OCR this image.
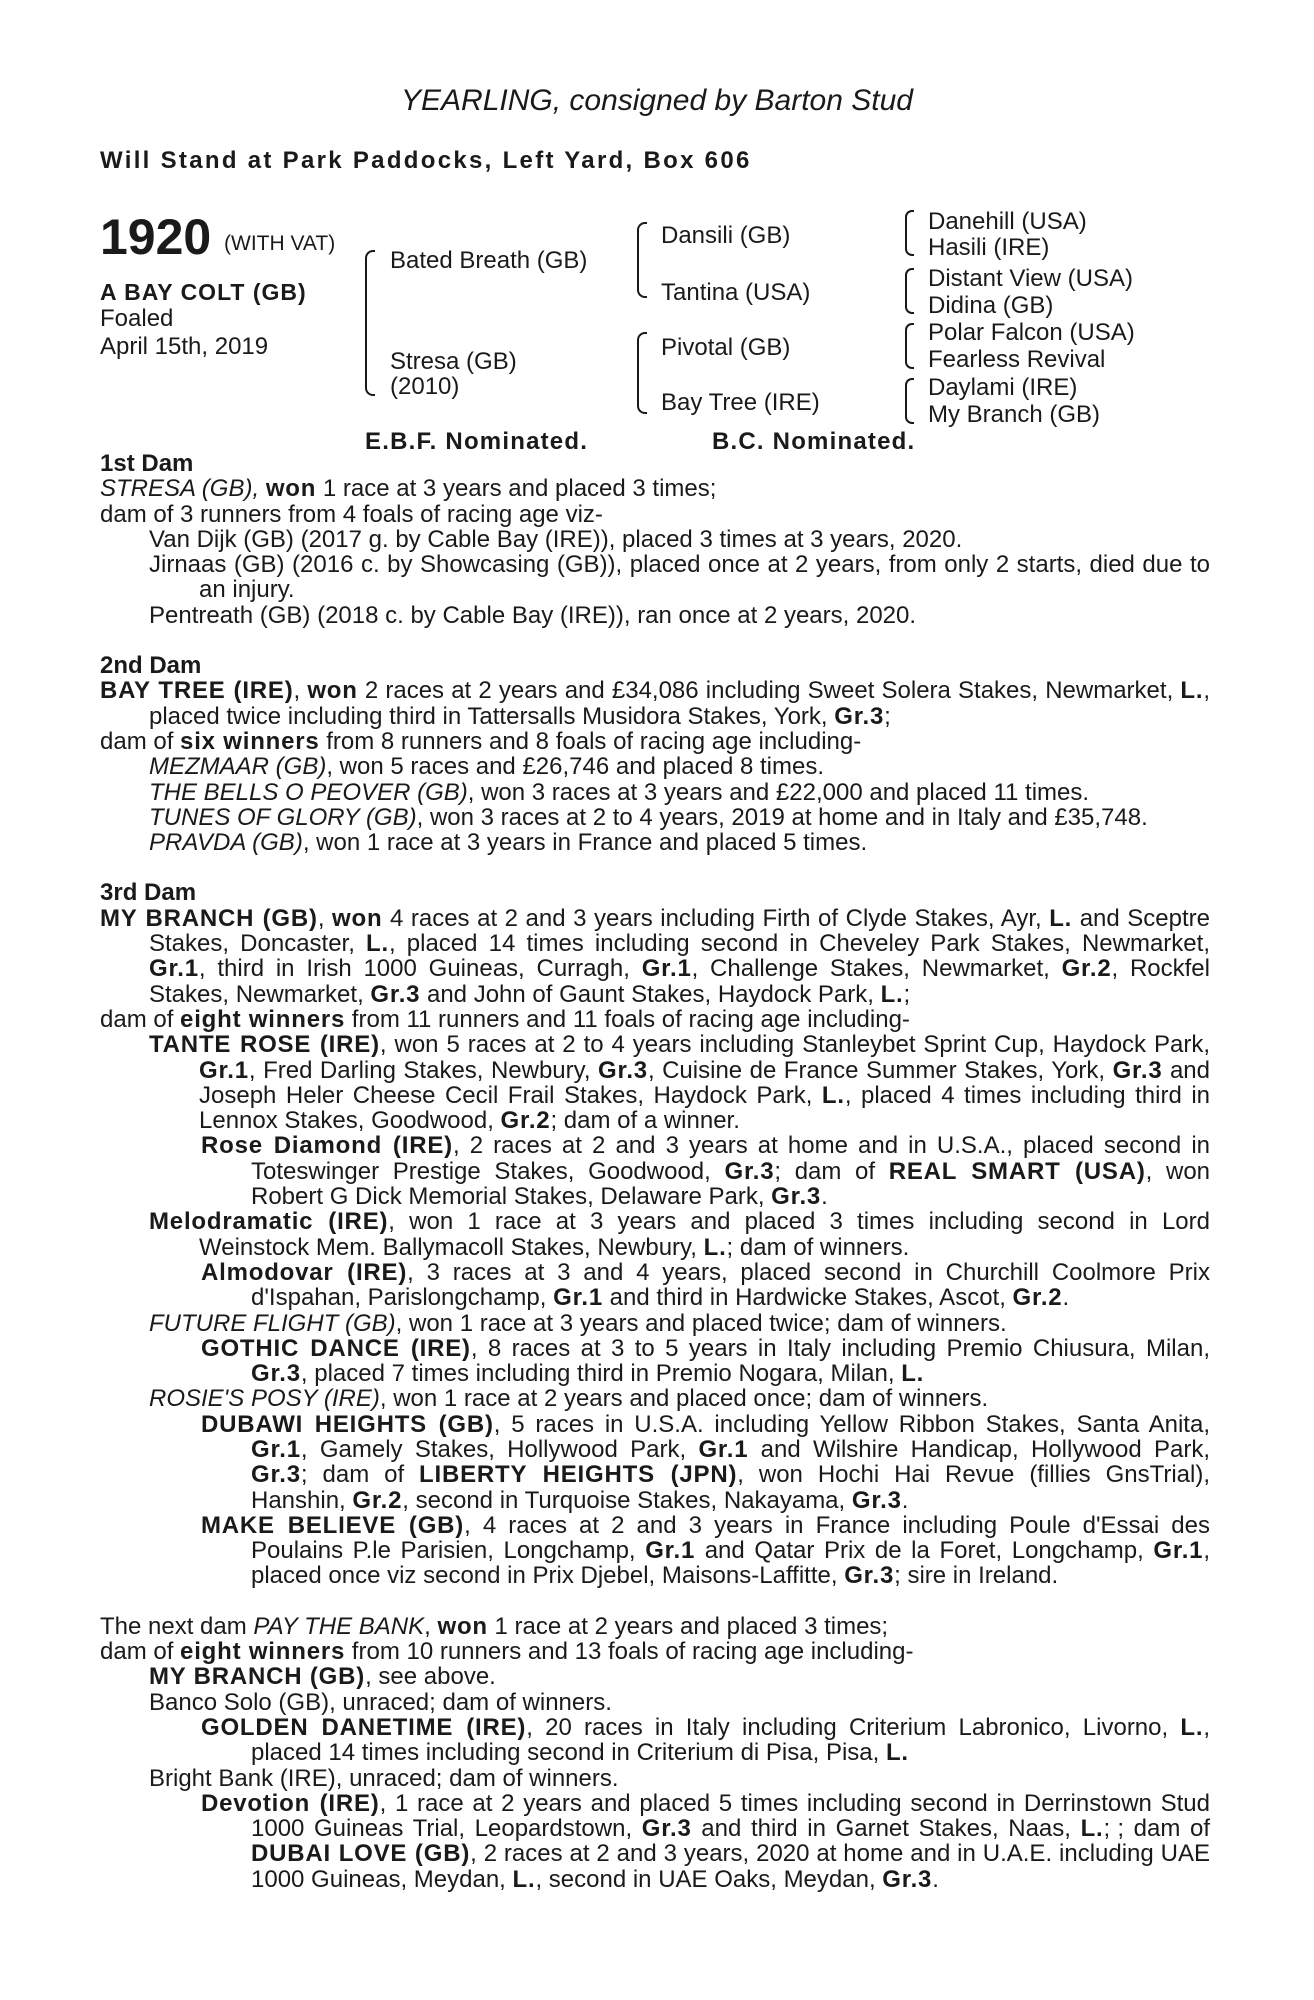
YEARLING, consigned by Barton Stud
Will Stand at Park Paddocks, Left Yard, Box 606
1920 (WITH VAT)
A BAY COLT (GB)
Foaled
April 15th, 2019
Bated Breath (GB)
Stresa (GB)
(2010)
Dansili (GB)
Tantina (USA)
Pivotal (GB)
Bay Tree (IRE)
Danehill (USA)
Hasili (IRE)
Distant View (USA)
Didina (GB)
Polar Falcon (USA)
Fearless Revival
Daylami (IRE)
My Branch (GB)
E.B.F. Nominated.	B.C. Nominated.

1st Dam

STRESA (GB), won 1 race at 3 years and placed 3 times;

dam of 3 runners from 4 foals of racing age viz-

Van Dijk (GB) (2017 g. by Cable Bay (IRE)), placed 3 times at 3 years, 2020.

Jirnaas (GB) (2016 c. by Showcasing (GB)), placed once at 2 years, from only 2 starts, died due to an injury.

Pentreath (GB) (2018 c. by Cable Bay (IRE)), ran once at 2 years, 2020.

2nd Dam

BAY TREE (IRE), won 2 races at 2 years and £34,086 including Sweet Solera Stakes, Newmarket, L., placed twice including third in Tattersalls Musidora Stakes, York, Gr.3;

dam of six winners from 8 runners and 8 foals of racing age including-

MEZMAAR (GB), won 5 races and £26,746 and placed 8 times.

THE BELLS O PEOVER (GB), won 3 races at 3 years and £22,000 and placed 11 times.

TUNES OF GLORY (GB), won 3 races at 2 to 4 years, 2019 at home and in Italy and £35,748.

PRAVDA (GB), won 1 race at 3 years in France and placed 5 times.

3rd Dam

MY BRANCH (GB), won 4 races at 2 and 3 years including Firth of Clyde Stakes, Ayr, L. and Sceptre Stakes, Doncaster, L., placed 14 times including second in Cheveley Park Stakes, Newmarket, Gr.1, third in Irish 1000 Guineas, Curragh, Gr.1, Challenge Stakes, Newmarket, Gr.2, Rockfel Stakes, Newmarket, Gr.3 and John of Gaunt Stakes, Haydock Park, L.;

dam of eight winners from 11 runners and 11 foals of racing age including-

TANTE ROSE (IRE), won 5 races at 2 to 4 years including Stanleybet Sprint Cup, Haydock Park, Gr.1, Fred Darling Stakes, Newbury, Gr.3, Cuisine de France Summer Stakes, York, Gr.3 and Joseph Heler Cheese Cecil Frail Stakes, Haydock Park, L., placed 4 times including third in Lennox Stakes, Goodwood, Gr.2; dam of a winner.

Rose Diamond (IRE), 2 races at 2 and 3 years at home and in U.S.A., placed second in Toteswinger Prestige Stakes, Goodwood, Gr.3; dam of REAL SMART (USA), won Robert G Dick Memorial Stakes, Delaware Park, Gr.3.

Melodramatic (IRE), won 1 race at 3 years and placed 3 times including second in Lord Weinstock Mem. Ballymacoll Stakes, Newbury, L.; dam of winners.

Almodovar (IRE), 3 races at 3 and 4 years, placed second in Churchill Coolmore Prix d'Ispahan, Parislongchamp, Gr.1 and third in Hardwicke Stakes, Ascot, Gr.2.

FUTURE FLIGHT (GB), won 1 race at 3 years and placed twice; dam of winners.

GOTHIC DANCE (IRE), 8 races at 3 to 5 years in Italy including Premio Chiusura, Milan, Gr.3, placed 7 times including third in Premio Nogara, Milan, L.

ROSIE'S POSY (IRE), won 1 race at 2 years and placed once; dam of winners.

DUBAWI HEIGHTS (GB), 5 races in U.S.A. including Yellow Ribbon Stakes, Santa Anita, Gr.1, Gamely Stakes, Hollywood Park, Gr.1 and Wilshire Handicap, Hollywood Park, Gr.3; dam of LIBERTY HEIGHTS (JPN), won Hochi Hai Revue (fillies GnsTrial), Hanshin, Gr.2, second in Turquoise Stakes, Nakayama, Gr.3.

MAKE BELIEVE (GB), 4 races at 2 and 3 years in France including Poule d'Essai des Poulains P.le Parisien, Longchamp, Gr.1 and Qatar Prix de la Foret, Longchamp, Gr.1, placed once viz second in Prix Djebel, Maisons-Laffitte, Gr.3; sire in Ireland.

The next dam PAY THE BANK, won 1 race at 2 years and placed 3 times;

dam of eight winners from 10 runners and 13 foals of racing age including-

MY BRANCH (GB), see above.

Banco Solo (GB), unraced; dam of winners.

GOLDEN DANETIME (IRE), 20 races in Italy including Criterium Labronico, Livorno, L., placed 14 times including second in Criterium di Pisa, Pisa, L.

Bright Bank (IRE), unraced; dam of winners.

Devotion (IRE), 1 race at 2 years and placed 5 times including second in Derrinstown Stud 1000 Guineas Trial, Leopardstown, Gr.3 and third in Garnet Stakes, Naas, L.; ; dam of DUBAI LOVE (GB), 2 races at 2 and 3 years, 2020 at home and in U.A.E. including UAE 1000 Guineas, Meydan, L., second in UAE Oaks, Meydan, Gr.3.
